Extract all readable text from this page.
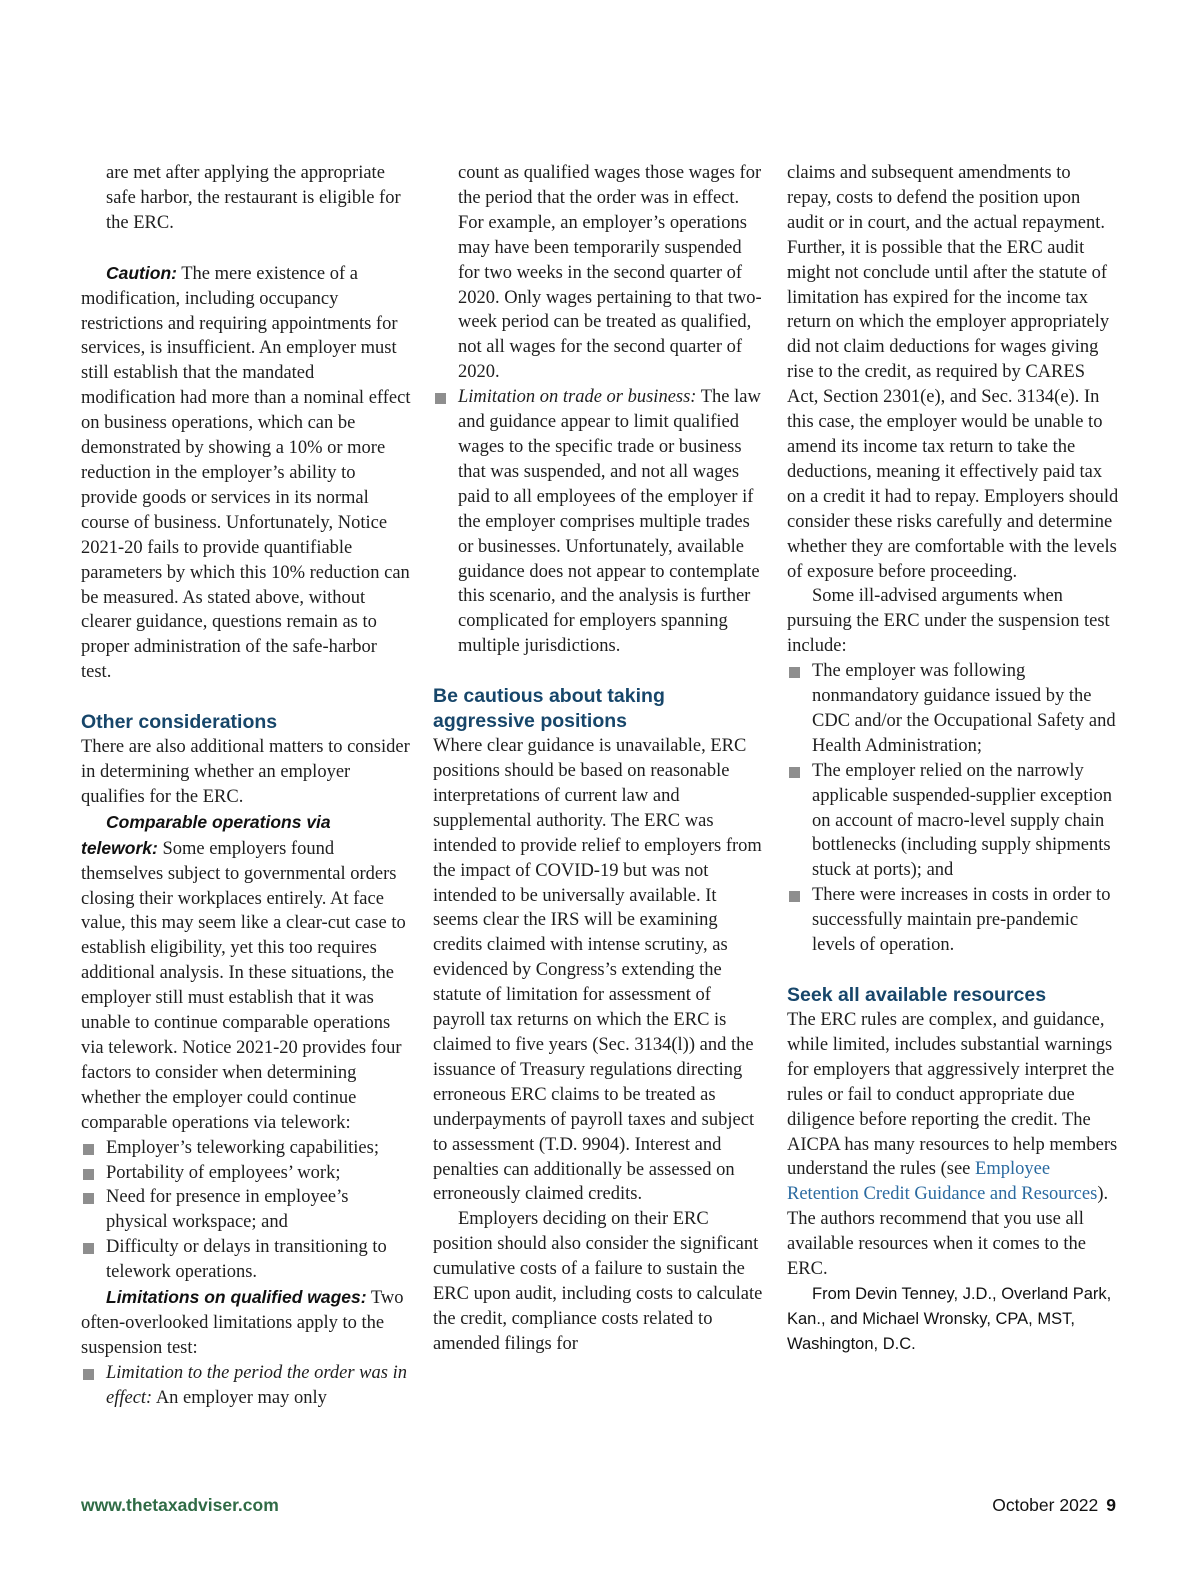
are met after applying the appropriate safe harbor, the restaurant is eligible for the ERC.

Caution: The mere existence of a modification, including occupancy restrictions and requiring appointments for services, is insufficient. An employer must still establish that the mandated modification had more than a nominal effect on business operations, which can be demonstrated by showing a 10% or more reduction in the employer’s ability to provide goods or services in its normal course of business. Unfortunately, Notice 2021-20 fails to provide quantifiable parameters by which this 10% reduction can be measured. As stated above, without clearer guidance, questions remain as to proper administration of the safe-harbor test.

Other considerations

There are also additional matters to consider in determining whether an employer qualifies for the ERC.

Comparable operations via telework: Some employers found themselves subject to governmental orders closing their workplaces entirely. At face value, this may seem like a clear-cut case to establish eligibility, yet this too requires additional analysis. In these situations, the employer still must establish that it was unable to continue comparable operations via telework. Notice 2021-20 provides four factors to consider when determining whether the employer could continue comparable operations via telework:

Employer’s teleworking capabilities;
Portability of employees’ work;
Need for presence in employee’s physical workspace; and
Difficulty or delays in transitioning to telework operations.

Limitations on qualified wages: Two often-overlooked limitations apply to the suspension test:

Limitation to the period the order was in effect: An employer may only

count as qualified wages those wages for the period that the order was in effect. For example, an employer’s operations may have been temporarily suspended for two weeks in the second quarter of 2020. Only wages pertaining to that two-week period can be treated as qualified, not all wages for the second quarter of 2020.

Limitation on trade or business: The law and guidance appear to limit qualified wages to the specific trade or business that was suspended, and not all wages paid to all employees of the employer if the employer comprises multiple trades or businesses. Unfortunately, available guidance does not appear to contemplate this scenario, and the analysis is further complicated for employers spanning multiple jurisdictions.
Be cautious about taking aggressive positions

Where clear guidance is unavailable, ERC positions should be based on reasonable interpretations of current law and supplemental authority. The ERC was intended to provide relief to employers from the impact of COVID-19 but was not intended to be universally available. It seems clear the IRS will be examining credits claimed with intense scrutiny, as evidenced by Congress’s extending the statute of limitation for assessment of payroll tax returns on which the ERC is claimed to five years (Sec. 3134(l)) and the issuance of Treasury regulations directing erroneous ERC claims to be treated as underpayments of payroll taxes and subject to assessment (T.D. 9904). Interest and penalties can additionally be assessed on erroneously claimed credits.

Employers deciding on their ERC position should also consider the significant cumulative costs of a failure to sustain the ERC upon audit, including costs to calculate the credit, compliance costs related to amended filings for

claims and subsequent amendments to repay, costs to defend the position upon audit or in court, and the actual repayment. Further, it is possible that the ERC audit might not conclude until after the statute of limitation has expired for the income tax return on which the employer appropriately did not claim deductions for wages giving rise to the credit, as required by CARES Act, Section 2301(e), and Sec. 3134(e). In this case, the employer would be unable to amend its income tax return to take the deductions, meaning it effectively paid tax on a credit it had to repay. Employers should consider these risks carefully and determine whether they are comfortable with the levels of exposure before proceeding.

Some ill-advised arguments when pursuing the ERC under the suspension test include:

The employer was following nonmandatory guidance issued by the CDC and/or the Occupational Safety and Health Administration;
The employer relied on the narrowly applicable suspended-supplier exception on account of macro-level supply chain bottlenecks (including supply shipments stuck at ports); and
There were increases in costs in order to successfully maintain pre-pandemic levels of operation.
Seek all available resources

The ERC rules are complex, and guidance, while limited, includes substantial warnings for employers that aggressively interpret the rules or fail to conduct appropriate due diligence before reporting the credit. The AICPA has many resources to help members understand the rules (see Employee Retention Credit Guidance and Resources). The authors recommend that you use all available resources when it comes to the ERC.

From Devin Tenney, J.D., Overland Park, Kan., and Michael Wronsky, CPA, MST, Washington, D.C.

www.thetaxadviser.com	October 2022 9
